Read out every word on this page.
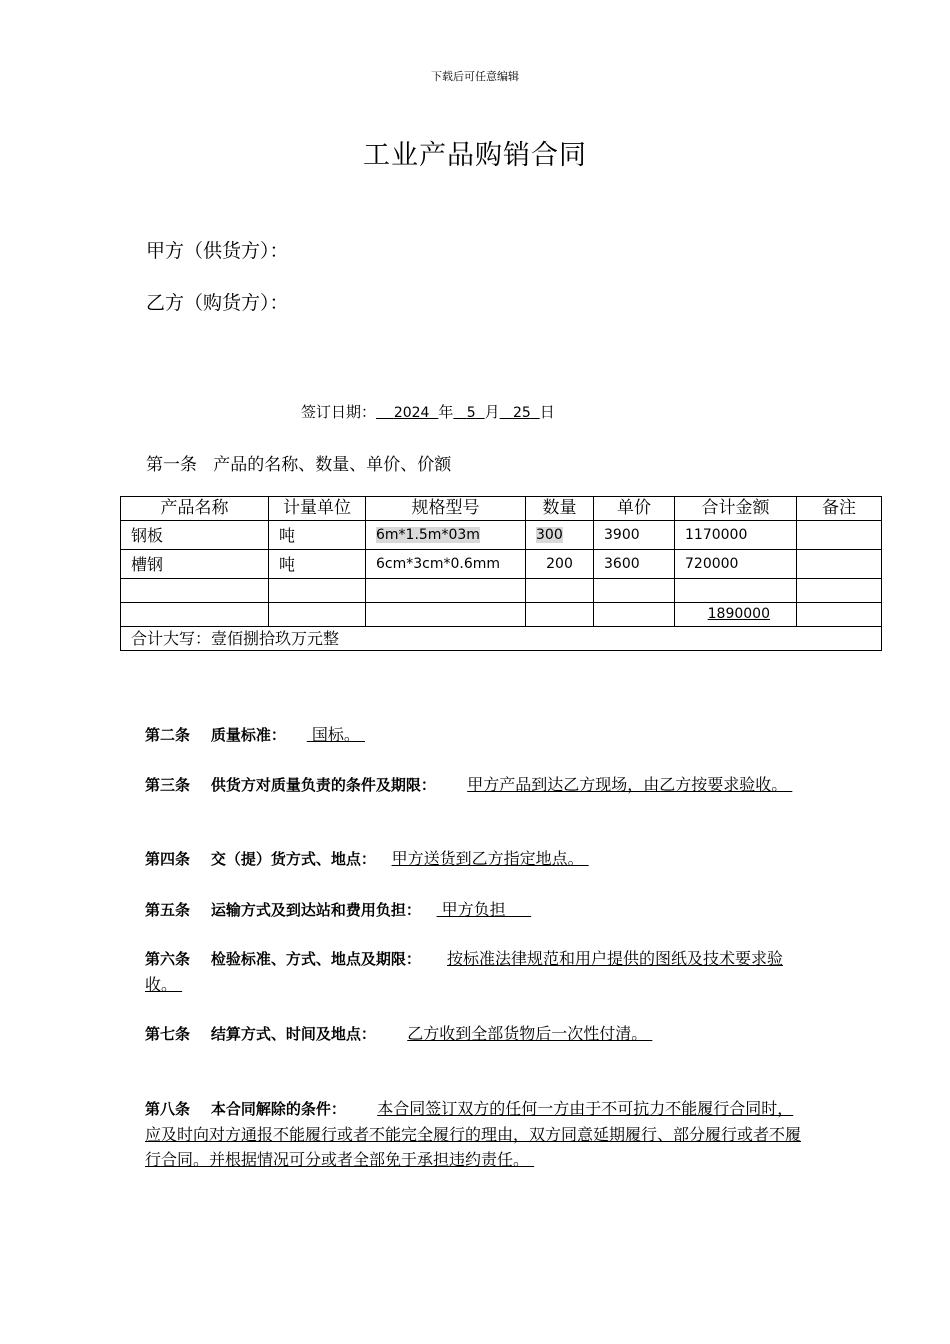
下载后可任意编辑
工业产品购销合同
甲方（供货方）：
乙方（购货方）：
签订日期： 2024 年 5 月 25 日
第一条   产品的名称、数量、单价、价额
产品名称	计量单位	规格型号	数量	单价	合计金额	备注
钢板	吨	6m*1.5m*03m	300	3900	1170000	
槽钢	吨	6cm*3cm*0.6mm	200	3600	720000	

					1890000	
合计大写：壹佰捌拾玖万元整						
第二条    质量标准：     国标。
第三条    供货方对质量负责的条件及期限：      甲方产品到达乙方现场，由乙方按要求验收。
第四条    交（提）货方式、地点：   甲方送货到乙方指定地点。
第五条    运输方式及到达站和费用负担：    甲方负担
第六条    检验标准、方式、地点及期限：     按标准法律规范和用户提供的图纸及技术要求验收。
第七条    结算方式、时间及地点：      乙方收到全部货物后一次性付清。
第八条    本合同解除的条件：      本合同签订双方的任何一方由于不可抗力不能履行合同时，应及时向对方通报不能履行或者不能完全履行的理由，双方同意延期履行、部分履行或者不履行合同。并根据情况可分或者全部免于承担违约责任。
